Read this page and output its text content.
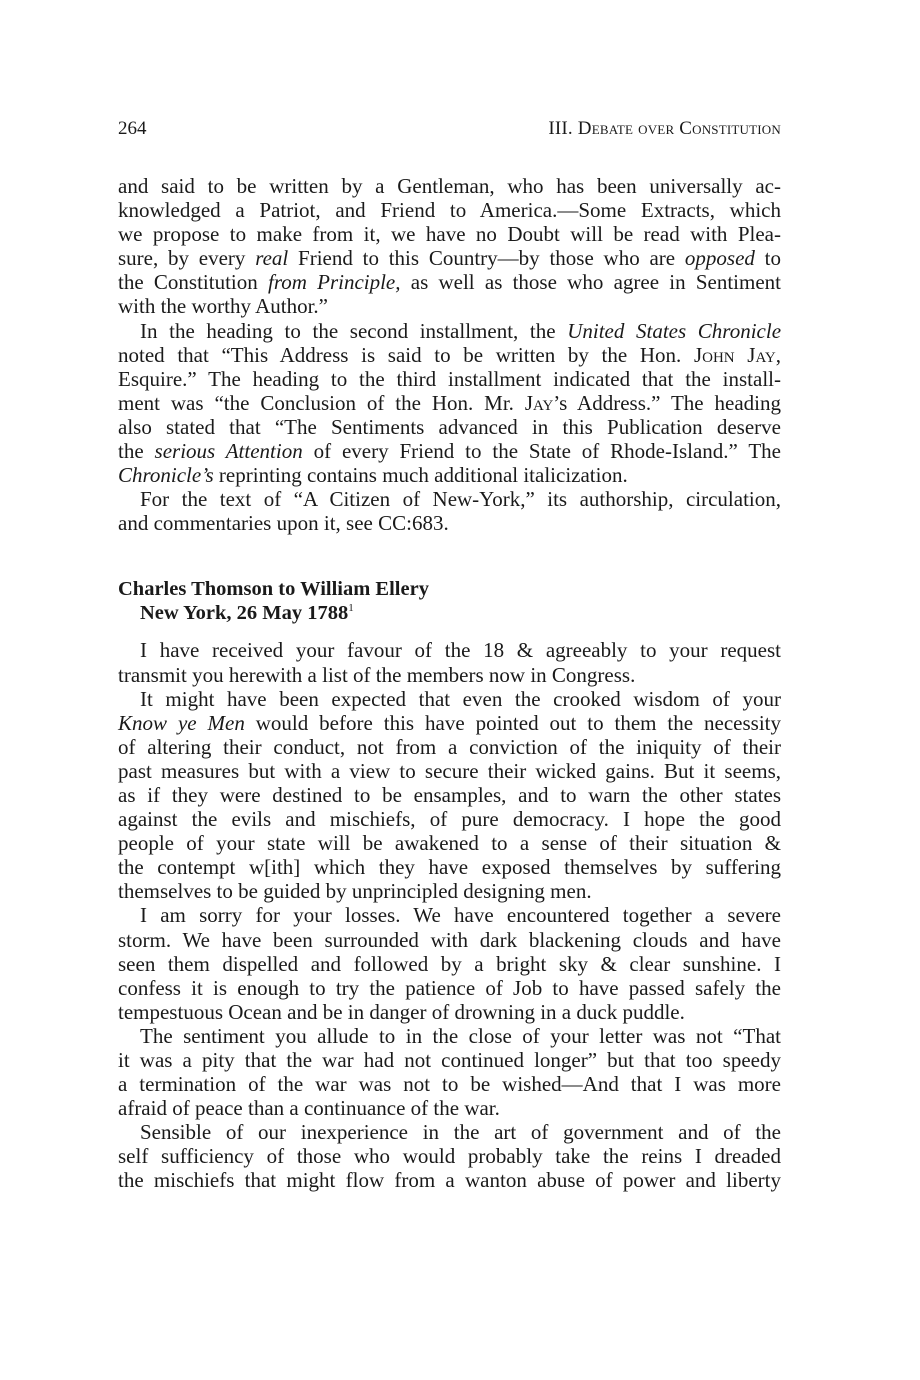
264	III. Debate over Constitution
and said to be written by a Gentleman, who has been universally ac-
knowledged a Patriot, and Friend to America.—Some Extracts, which
we propose to make from it, we have no Doubt will be read with Plea-
sure, by every real Friend to this Country—by those who are opposed to
the Constitution from Principle, as well as those who agree in Sentiment
with the worthy Author.”
In the heading to the second installment, the United States Chronicle
noted that “This Address is said to be written by the Hon. John Jay,
Esquire.” The heading to the third installment indicated that the install-
ment was “the Conclusion of the Hon. Mr. Jay’s Address.” The heading
also stated that “The Sentiments advanced in this Publication deserve
the serious Attention of every Friend to the State of Rhode-Island.” The
Chronicle’s reprinting contains much additional italicization.
For the text of “A Citizen of New-York,” its authorship, circulation,
and commentaries upon it, see CC:683.
Charles Thomson to William Ellery
New York, 26 May 1788$^1$
I have received your favour of the 18 & agreeably to your request
transmit you herewith a list of the members now in Congress.
It might have been expected that even the crooked wisdom of your
Know ye Men would before this have pointed out to them the necessity
of altering their conduct, not from a conviction of the iniquity of their
past measures but with a view to secure their wicked gains. But it seems,
as if they were destined to be ensamples, and to warn the other states
against the evils and mischiefs, of pure democracy. I hope the good
people of your state will be awakened to a sense of their situation &
the contempt w[ith] which they have exposed themselves by suffering
themselves to be guided by unprincipled designing men.
I am sorry for your losses. We have encountered together a severe
storm. We have been surrounded with dark blackening clouds and have
seen them dispelled and followed by a bright sky & clear sunshine. I
confess it is enough to try the patience of Job to have passed safely the
tempestuous Ocean and be in danger of drowning in a duck puddle.
The sentiment you allude to in the close of your letter was not “That
it was a pity that the war had not continued longer” but that too speedy
a termination of the war was not to be wished—And that I was more
afraid of peace than a continuance of the war.
Sensible of our inexperience in the art of government and of the
self sufficiency of those who would probably take the reins I dreaded
the mischiefs that might flow from a wanton abuse of power and liberty
